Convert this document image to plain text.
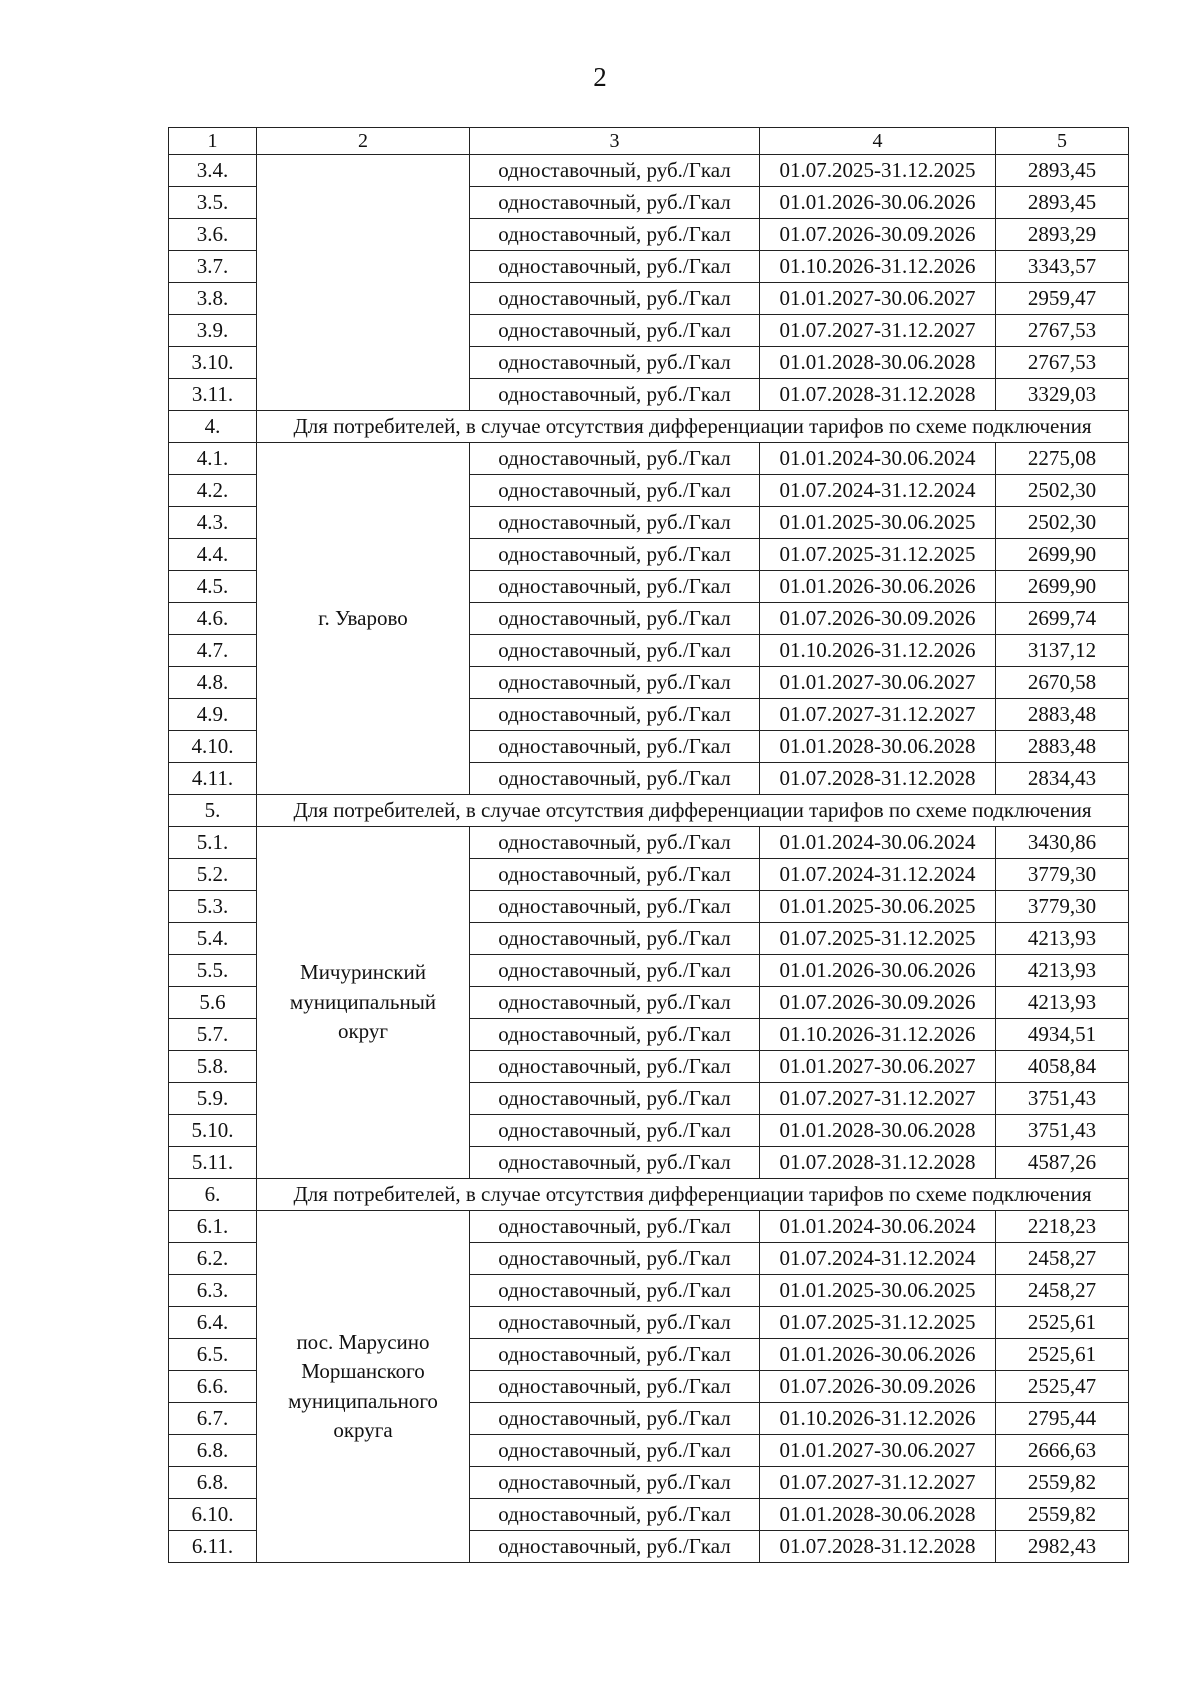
2
1	2	3	4	5
3.4.		одноставочный, руб./Гкал	01.07.2025-31.12.2025	2893,45
3.5.		одноставочный, руб./Гкал	01.01.2026-30.06.2026	2893,45
3.6.		одноставочный, руб./Гкал	01.07.2026-30.09.2026	2893,29
3.7.		одноставочный, руб./Гкал	01.10.2026-31.12.2026	3343,57
3.8.		одноставочный, руб./Гкал	01.01.2027-30.06.2027	2959,47
3.9.		одноставочный, руб./Гкал	01.07.2027-31.12.2027	2767,53
3.10.		одноставочный, руб./Гкал	01.01.2028-30.06.2028	2767,53
3.11.		одноставочный, руб./Гкал	01.07.2028-31.12.2028	3329,03
4.	Для потребителей, в случае отсутствия дифференциации тарифов по схеме подключения			
4.1.	г. Уварово	одноставочный, руб./Гкал	01.01.2024-30.06.2024	2275,08
4.2.		одноставочный, руб./Гкал	01.07.2024-31.12.2024	2502,30
4.3.		одноставочный, руб./Гкал	01.01.2025-30.06.2025	2502,30
4.4.		одноставочный, руб./Гкал	01.07.2025-31.12.2025	2699,90
4.5.		одноставочный, руб./Гкал	01.01.2026-30.06.2026	2699,90
4.6.		одноставочный, руб./Гкал	01.07.2026-30.09.2026	2699,74
4.7.		одноставочный, руб./Гкал	01.10.2026-31.12.2026	3137,12
4.8.		одноставочный, руб./Гкал	01.01.2027-30.06.2027	2670,58
4.9.		одноставочный, руб./Гкал	01.07.2027-31.12.2027	2883,48
4.10.		одноставочный, руб./Гкал	01.01.2028-30.06.2028	2883,48
4.11.		одноставочный, руб./Гкал	01.07.2028-31.12.2028	2834,43
5.	Для потребителей, в случае отсутствия дифференциации тарифов по схеме подключения			
5.1.	Мичуринский
муниципальный
округ	одноставочный, руб./Гкал	01.01.2024-30.06.2024	3430,86
5.2.		одноставочный, руб./Гкал	01.07.2024-31.12.2024	3779,30
5.3.		одноставочный, руб./Гкал	01.01.2025-30.06.2025	3779,30
5.4.		одноставочный, руб./Гкал	01.07.2025-31.12.2025	4213,93
5.5.		одноставочный, руб./Гкал	01.01.2026-30.06.2026	4213,93
5.6		одноставочный, руб./Гкал	01.07.2026-30.09.2026	4213,93
5.7.		одноставочный, руб./Гкал	01.10.2026-31.12.2026	4934,51
5.8.		одноставочный, руб./Гкал	01.01.2027-30.06.2027	4058,84
5.9.		одноставочный, руб./Гкал	01.07.2027-31.12.2027	3751,43
5.10.		одноставочный, руб./Гкал	01.01.2028-30.06.2028	3751,43
5.11.		одноставочный, руб./Гкал	01.07.2028-31.12.2028	4587,26
6.	Для потребителей, в случае отсутствия дифференциации тарифов по схеме подключения			
6.1.	пос. Марусино
Моршанского
муниципального
округа	одноставочный, руб./Гкал	01.01.2024-30.06.2024	2218,23
6.2.		одноставочный, руб./Гкал	01.07.2024-31.12.2024	2458,27
6.3.		одноставочный, руб./Гкал	01.01.2025-30.06.2025	2458,27
6.4.		одноставочный, руб./Гкал	01.07.2025-31.12.2025	2525,61
6.5.		одноставочный, руб./Гкал	01.01.2026-30.06.2026	2525,61
6.6.		одноставочный, руб./Гкал	01.07.2026-30.09.2026	2525,47
6.7.		одноставочный, руб./Гкал	01.10.2026-31.12.2026	2795,44
6.8.		одноставочный, руб./Гкал	01.01.2027-30.06.2027	2666,63
6.8.		одноставочный, руб./Гкал	01.07.2027-31.12.2027	2559,82
6.10.		одноставочный, руб./Гкал	01.01.2028-30.06.2028	2559,82
6.11.		одноставочный, руб./Гкал	01.07.2028-31.12.2028	2982,43
